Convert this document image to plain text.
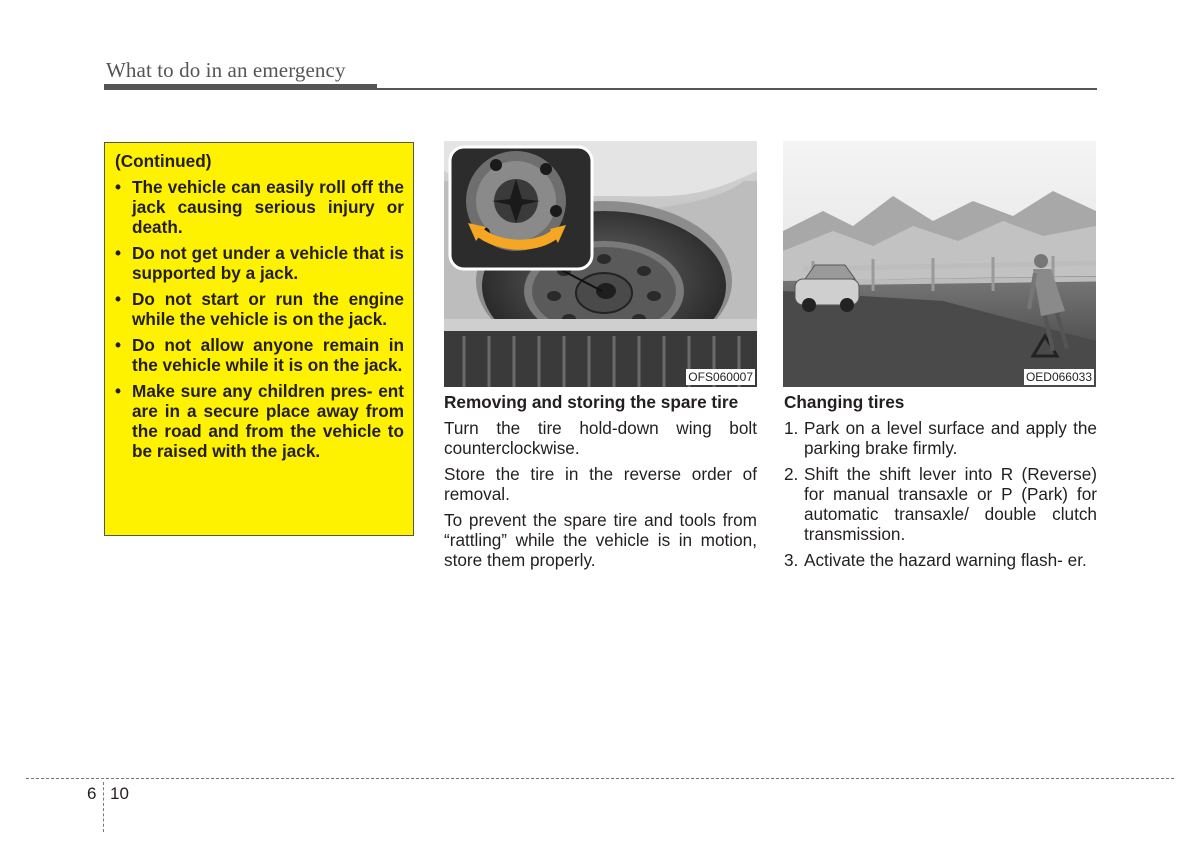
What to do in an emergency
(Continued)
• The vehicle can easily roll off the jack causing serious injury or death.
• Do not get under a vehicle that is supported by a jack.
• Do not start or run the engine while the vehicle is on the jack.
• Do not allow anyone remain in the vehicle while it is on the jack.
• Make sure any children pres- ent are in a secure place away from the road and from the vehicle to be raised with the jack.
OFS060007	OED066033
Removing and storing the spare tire

Turn the tire hold-down wing bolt counterclockwise.

Store the tire in the reverse order of removal.

To prevent the spare tire and tools from “rattling” while the vehicle is in motion, store them properly.

Changing tires
1. Park on a level surface and apply the parking brake firmly.
2. Shift the shift lever into R (Reverse) for manual transaxle or P (Park) for automatic transaxle/ double clutch transmission.
3. Activate the hazard warning flash- er.
6 10
